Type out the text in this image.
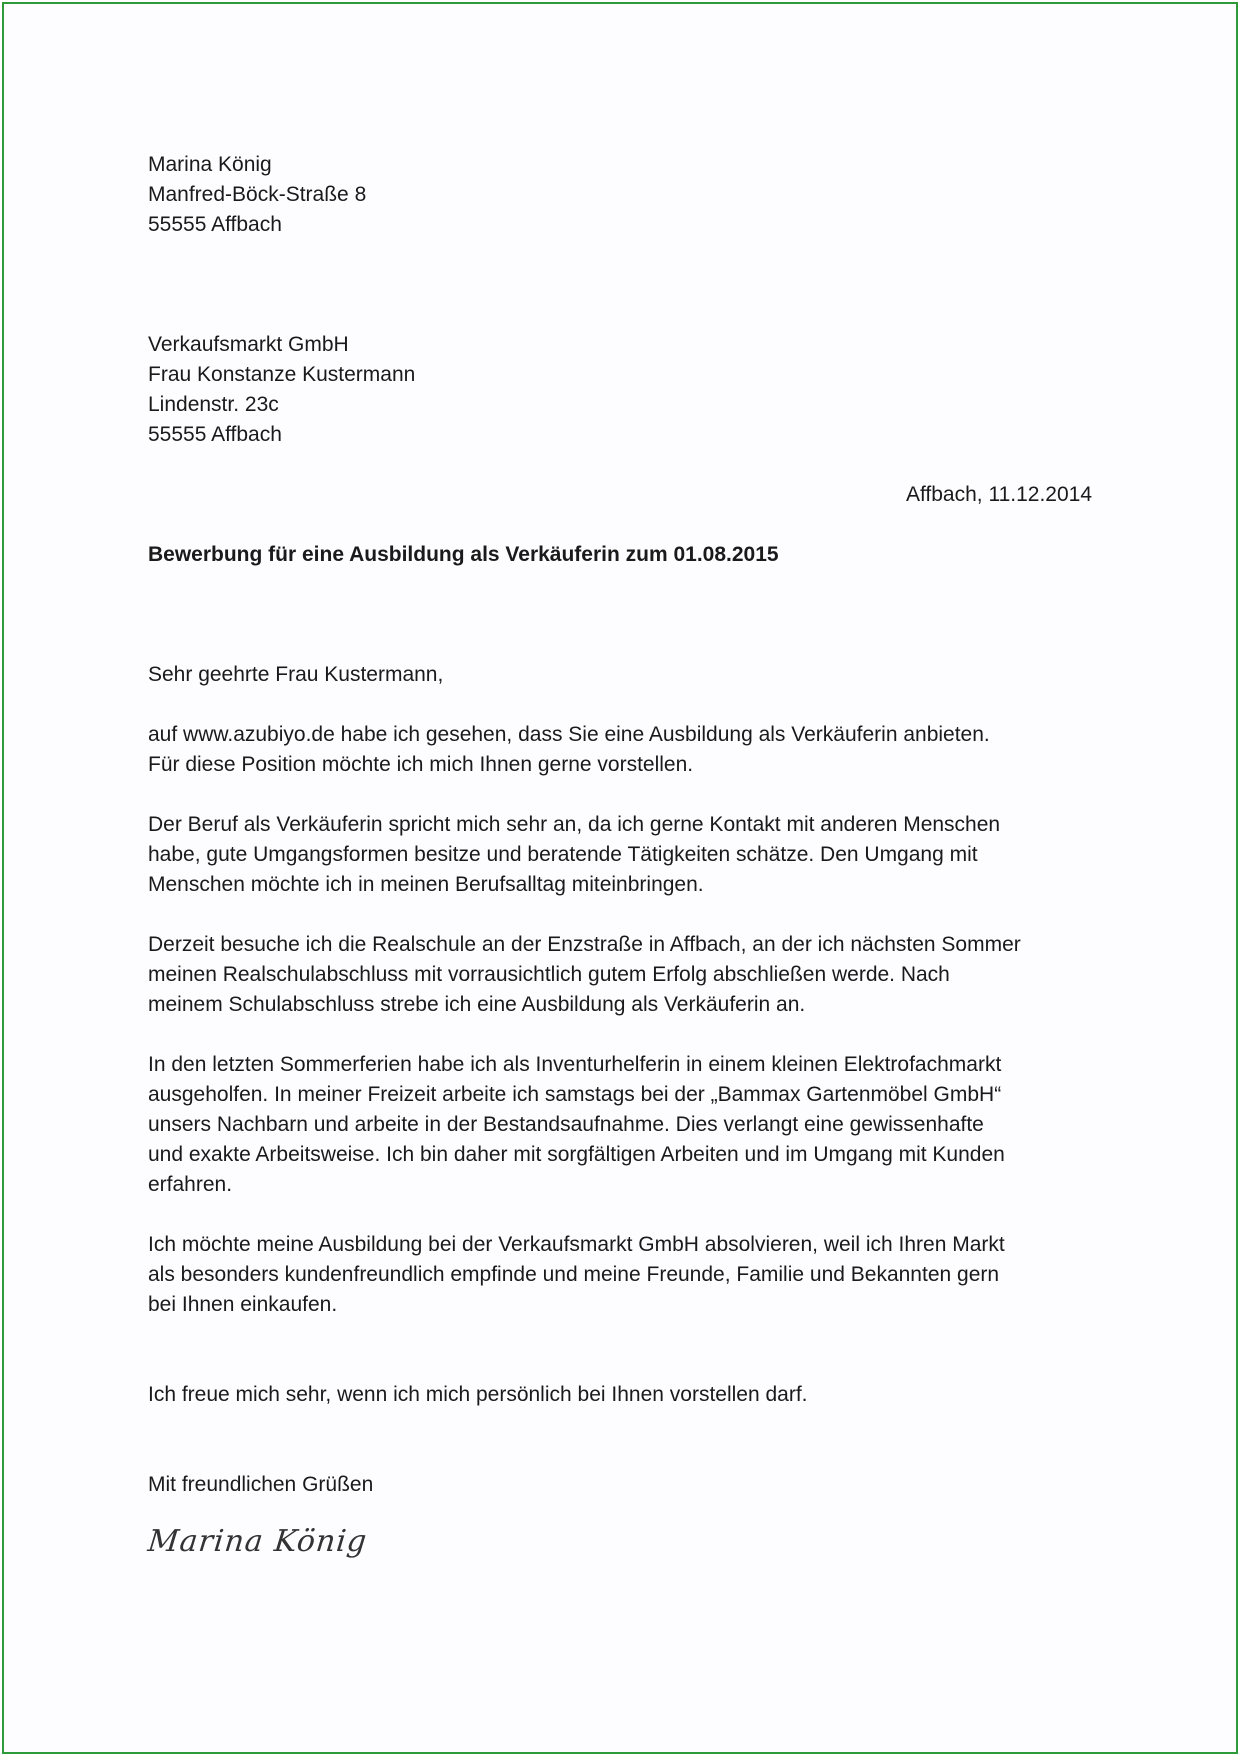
Marina König
Manfred-Böck-Straße 8
55555 Affbach
Verkaufsmarkt GmbH
Frau Konstanze Kustermann
Lindenstr. 23c
55555 Affbach
Affbach, 11.12.2014
Bewerbung für eine Ausbildung als Verkäuferin zum 01.08.2015
Sehr geehrte Frau Kustermann,
auf www.azubiyo.de habe ich gesehen, dass Sie eine Ausbildung als Verkäuferin anbieten.
Für diese Position möchte ich mich Ihnen gerne vorstellen.
Der Beruf als Verkäuferin spricht mich sehr an, da ich gerne Kontakt mit anderen Menschen
habe, gute Umgangsformen besitze und beratende Tätigkeiten schätze. Den Umgang mit
Menschen möchte ich in meinen Berufsalltag miteinbringen.
Derzeit besuche ich die Realschule an der Enzstraße in Affbach, an der ich nächsten Sommer
meinen Realschulabschluss mit vorrausichtlich gutem Erfolg abschließen werde. Nach
meinem Schulabschluss strebe ich eine Ausbildung als Verkäuferin an.
In den letzten Sommerferien habe ich als Inventurhelferin in einem kleinen Elektrofachmarkt
ausgeholfen. In meiner Freizeit arbeite ich samstags bei der „Bammax Gartenmöbel GmbH“
unsers Nachbarn und arbeite in der Bestandsaufnahme. Dies verlangt eine gewissenhafte
und exakte Arbeitsweise. Ich bin daher mit sorgfältigen Arbeiten und im Umgang mit Kunden
erfahren.
Ich möchte meine Ausbildung bei der Verkaufsmarkt GmbH absolvieren, weil ich Ihren Markt
als besonders kundenfreundlich empfinde und meine Freunde, Familie und Bekannten gern
bei Ihnen einkaufen.
Ich freue mich sehr, wenn ich mich persönlich bei Ihnen vorstellen darf.
Mit freundlichen Grüßen
Marina König
